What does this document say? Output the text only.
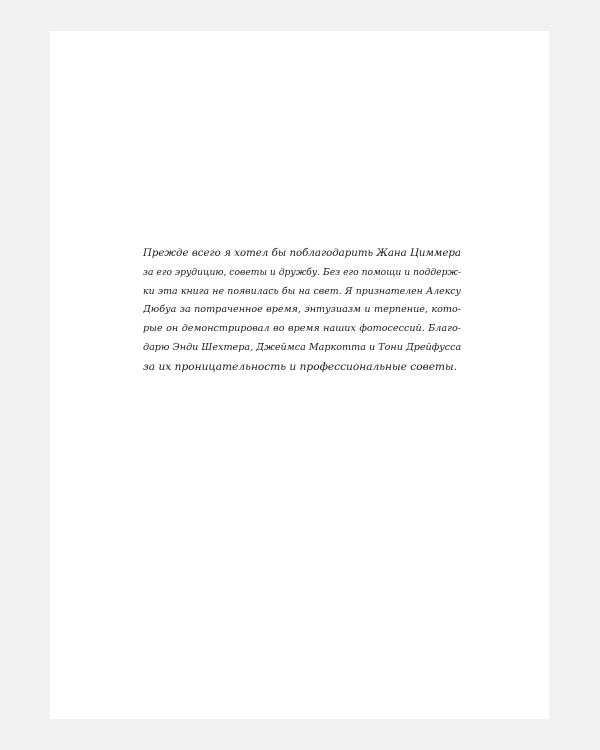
Прежде всего я хотел бы поблагодарить Жана Циммера
за его эрудицию, советы и дружбу. Без его помощи и поддерж-
ки эта книга не появилась бы на свет. Я признателен Алексу
Дюбуа за потраченное время, энтузиазм и терпение, кото-
рые он демонстрировал во время наших фотосессий. Благо-
дарю Энди Шехтера, Джеймса Маркотта и Тони Дрейфусса
за их проницательность и профессиональные советы.
